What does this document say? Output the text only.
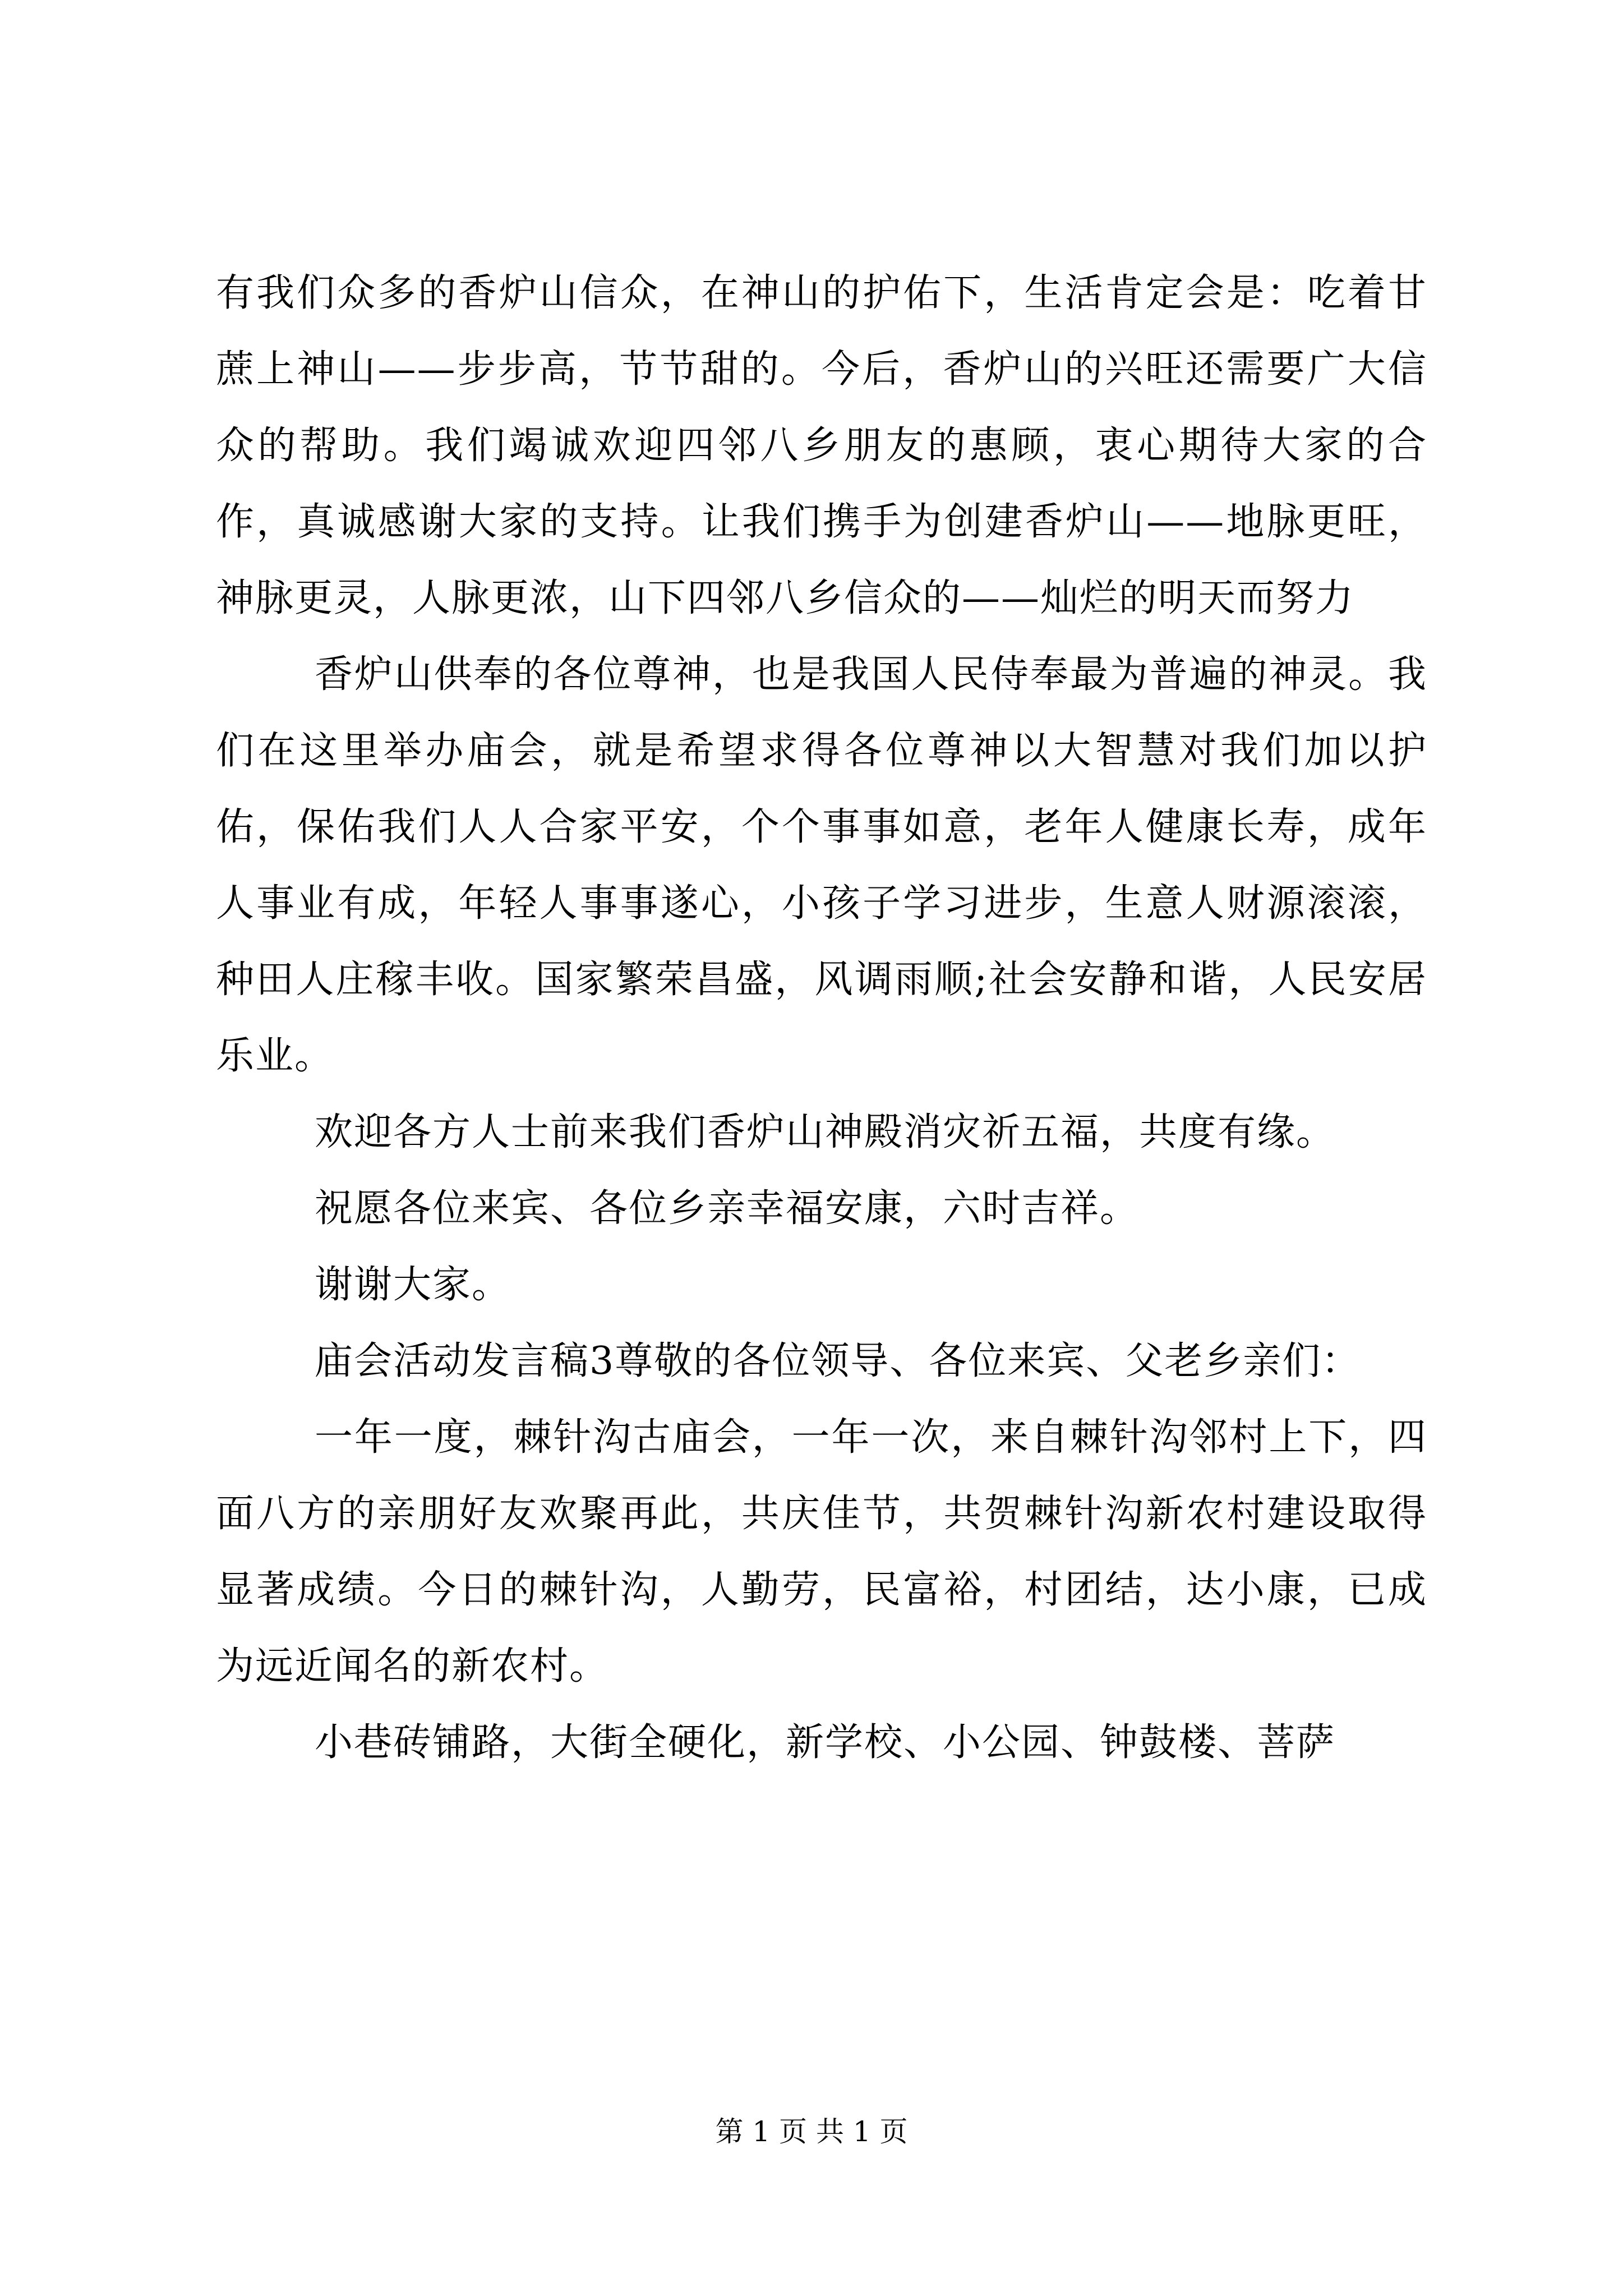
有我们众多的香炉山信众，在神山的护佑下，生活肯定会是：吃着甘蔗上神山——步步高，节节甜的。今后，香炉山的兴旺还需要广大信众的帮助。我们竭诚欢迎四邻八乡朋友的惠顾，衷心期待大家的合作，真诚感谢大家的支持。让我们携手为创建香炉山——地脉更旺，神脉更灵，人脉更浓，山下四邻八乡信众的——灿烂的明天而努力

香炉山供奉的各位尊神，也是我国人民侍奉最为普遍的神灵。我们在这里举办庙会，就是希望求得各位尊神以大智慧对我们加以护佑，保佑我们人人合家平安，个个事事如意，老年人健康长寿，成年人事业有成，年轻人事事遂心，小孩子学习进步，生意人财源滚滚，种田人庄稼丰收。国家繁荣昌盛，风调雨顺;社会安静和谐，人民安居乐业。

欢迎各方人士前来我们香炉山神殿消灾祈五福，共度有缘。

祝愿各位来宾、各位乡亲幸福安康，六时吉祥。

谢谢大家。

庙会活动发言稿3尊敬的各位领导、各位来宾、父老乡亲们：

一年一度，棘针沟古庙会，一年一次，来自棘针沟邻村上下，四面八方的亲朋好友欢聚再此，共庆佳节，共贺棘针沟新农村建设取得显著成绩。今日的棘针沟，人勤劳，民富裕，村团结，达小康，已成为远近闻名的新农村。

小巷砖铺路，大街全硬化，新学校、小公园、钟鼓楼、菩萨

第 1 页 共 1 页
